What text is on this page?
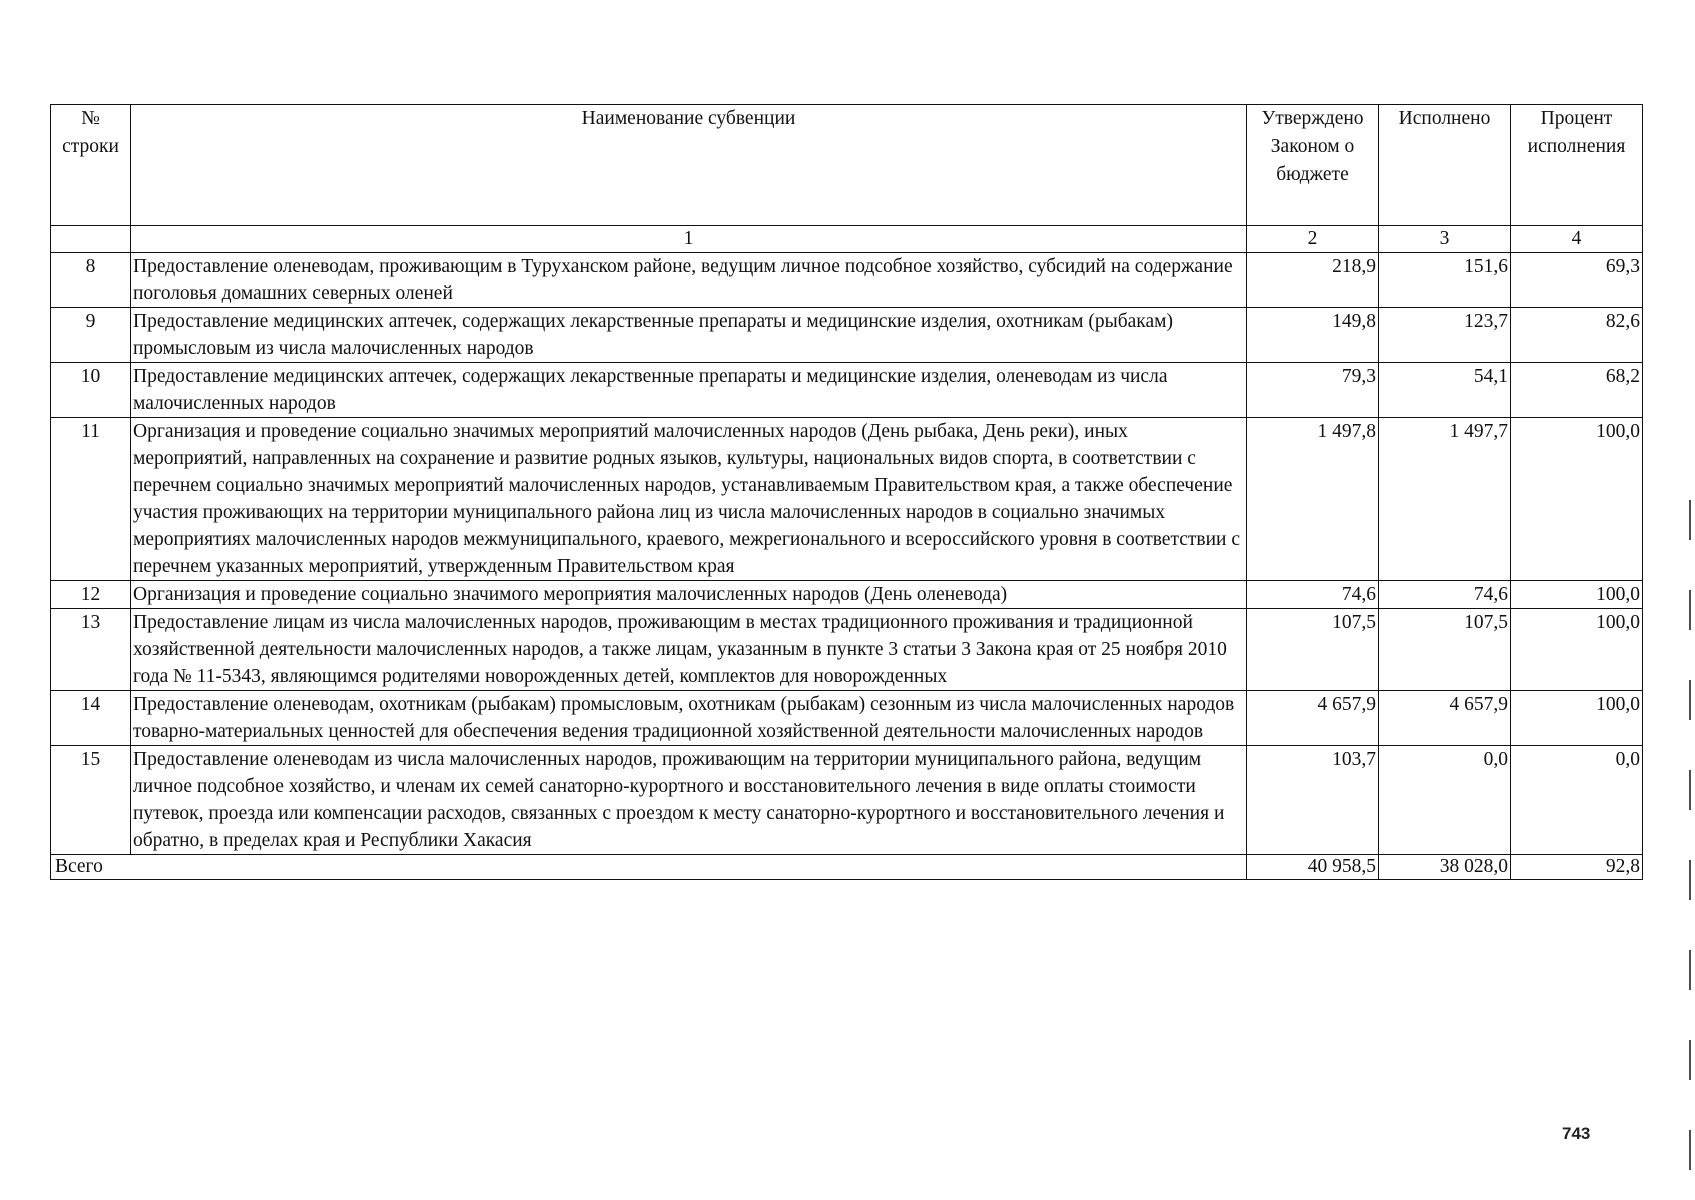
№ строки	Наименование субвенции	Утверждено Законом о бюджете	Исполнено	Процент исполнения
	1	2	3	4
8	Предоставление оленеводам, проживающим в Туруханском районе, ведущим личное подсобное хозяйство, субсидий на содержание поголовья домашних северных оленей	218,9	151,6	69,3
9	Предоставление медицинских аптечек, содержащих лекарственные препараты и медицинские изделия, охотникам (рыбакам) промысловым из числа малочисленных народов	149,8	123,7	82,6
10	Предоставление медицинских аптечек, содержащих лекарственные препараты и медицинские изделия, оленеводам из числа малочисленных народов	79,3	54,1	68,2
11	Организация и проведение социально значимых мероприятий малочисленных народов (День рыбака, День реки), иных мероприятий, направленных на сохранение и развитие родных языков, культуры, национальных видов спорта, в соответствии с перечнем социально значимых мероприятий малочисленных народов, устанавливаемым Правительством края, а также обеспечение участия проживающих на территории муниципального района лиц из числа малочисленных народов в социально значимых мероприятиях малочисленных народов межмуниципального, краевого, межрегионального и всероссийского уровня в соответствии с перечнем указанных мероприятий, утвержденным Правительством края	1 497,8	1 497,7	100,0
12	Организация и проведение социально значимого мероприятия малочисленных народов (День оленевода)	74,6	74,6	100,0
13	Предоставление лицам из числа малочисленных народов, проживающим в местах традиционного проживания и традиционной хозяйственной деятельности малочисленных народов, а также лицам, указанным в пункте 3 статьи 3 Закона края от 25 ноября 2010 года № 11-5343, являющимся родителями новорожденных детей, комплектов для новорожденных	107,5	107,5	100,0
14	Предоставление оленеводам, охотникам (рыбакам) промысловым, охотникам (рыбакам) сезонным из числа малочисленных народов товарно-материальных ценностей для обеспечения ведения традиционной хозяйственной деятельности малочисленных народов	4 657,9	4 657,9	100,0
15	Предоставление оленеводам из числа малочисленных народов, проживающим на территории муниципального района, ведущим личное подсобное хозяйство, и членам их семей санаторно-курортного и восстановительного лечения в виде оплаты стоимости путевок, проезда или компенсации расходов, связанных с проездом к месту санаторно-курортного и восстановительного лечения и обратно, в пределах края и Республики Хакасия	103,7	0,0	0,0
Всего		40 958,5	38 028,0	92,8
743
